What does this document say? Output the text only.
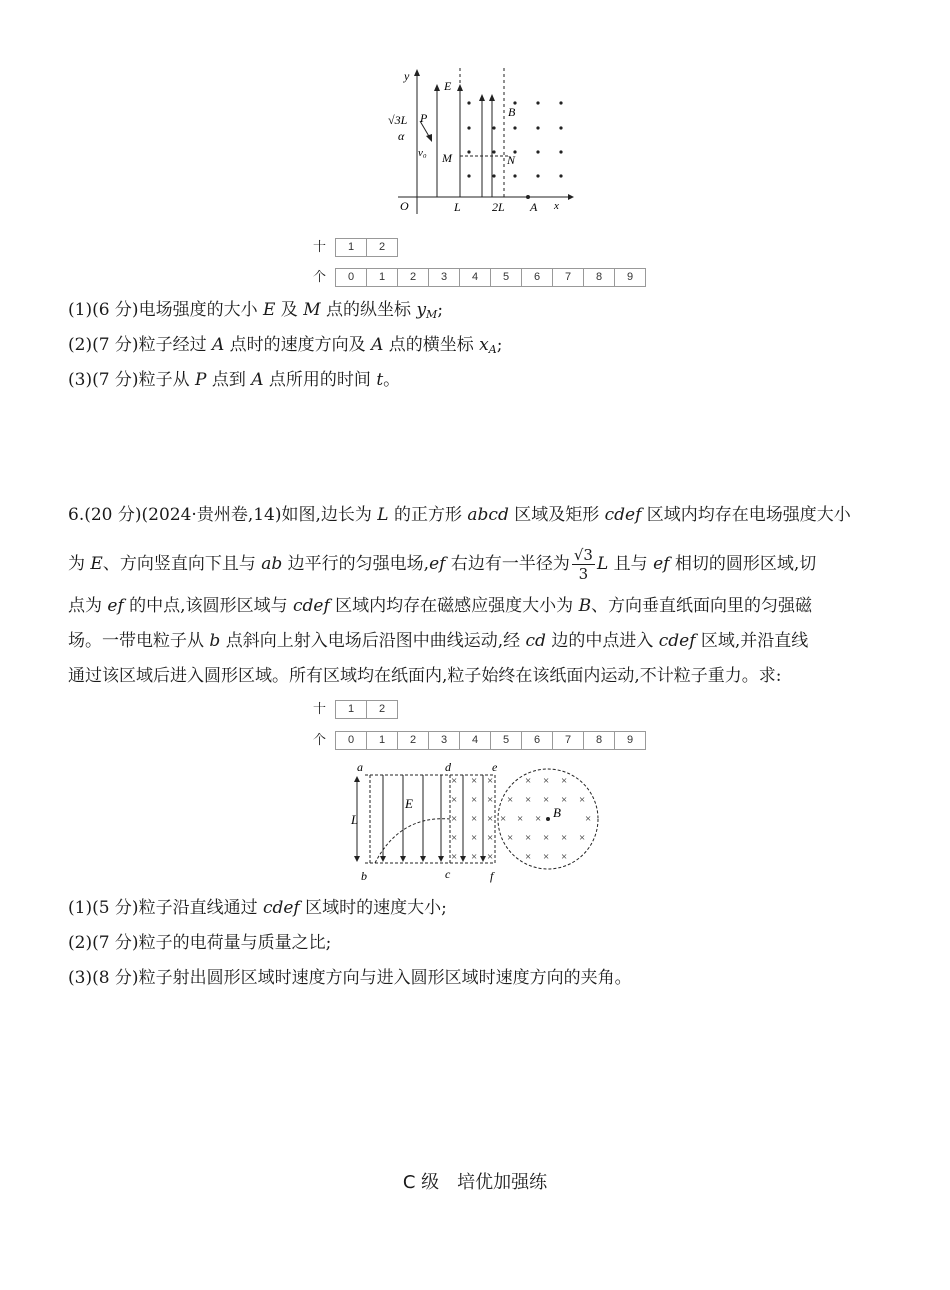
y
E
√3L P
α
v₀ M	N
B
O	L	2L A x
十	1	2
个	0	1	2	3	4	5	6	7	8	9
(1)(6 分)电场强度的大小 E 及 M 点的纵坐标 $y_M$;
(2)(7 分)粒子经过 A 点时的速度方向及 A 点的横坐标 $x_A$;
(3)(7 分)粒子从 P 点到 A 点所用的时间 t。
6.(20 分)(2024·贵州卷,14)如图,边长为 L 的正方形 abcd 区域及矩形 cdef 区域内均存在电场强度大小
为 E、方向竖直向下且与 ab 边平行的匀强电场,ef 右边有一半径为 $\frac{√3}{3}$ L 且与 ef 相切的圆形区域,切
点为 ef 的中点,该圆形区域与 cdef 区域内均存在磁感应强度大小为 B、方向垂直纸面向里的匀强磁
场。一带电粒子从 b 点斜向上射入电场后沿图中曲线运动,经 cd 边的中点进入 cdef 区域,并沿直线
通过该区域后进入圆形区域。所有区域均在纸面内,粒子始终在该纸面内运动,不计粒子重力。求:
十	1	2
个	0	1	2	3	4	5	6	7	8	9
× × ×
× × ×
× × ×
× × ×
× × ×
× × ×
× × × × ×
× × ×	×
× × × × ×
× × ×
a	d	e
b	c	f
E
L	B
(1)(5 分)粒子沿直线通过 cdef 区域时的速度大小;
(2)(7 分)粒子的电荷量与质量之比;
(3)(8 分)粒子射出圆形区域时速度方向与进入圆形区域时速度方向的夹角。
C 级　培优加强练
